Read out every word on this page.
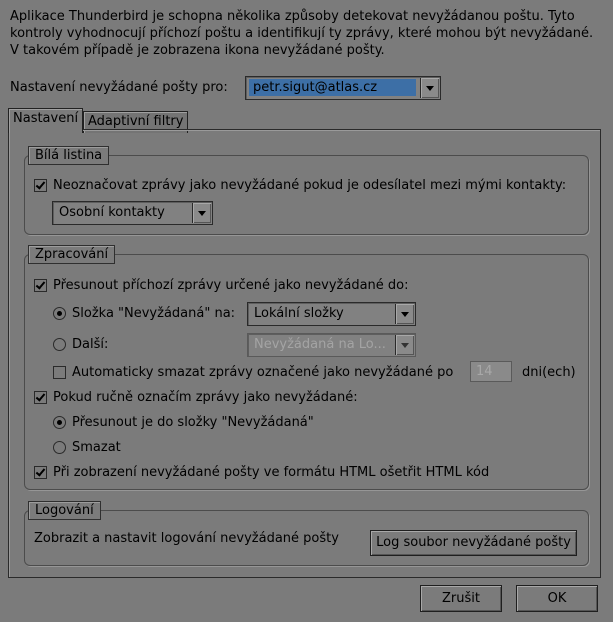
Aplikace Thunderbird je schopna několika způsoby detekovat nevyžádanou poštu. Tyto kontroly vyhodnocují příchozí poštu a identifikují ty zprávy, které mohou být nevyžádané. V takovém případě je zobrazena ikona nevyžádané pošty.
Nastavení nevyžádané pošty pro:	petr.sigut@atlas.cz
Nastavení Adaptivní filtry
Bílá listina
Neoznačovat zprávy jako nevyžádané pokud je odesílatel mezi mými kontakty:
Osobní kontakty
Zpracování
Přesunout příchozí zprávy určené jako nevyžádané do:
Složka "Nevyžádaná" na: Lokální složky
Další:	Nevyžádaná na Lo...
Automaticky smazat zprávy označené jako nevyžádané po	14	dni(ech)
Pokud ručně označím zprávy jako nevyžádané:
Přesunout je do složky "Nevyžádaná"
Smazat
Při zobrazení nevyžádané pošty ve formátu HTML ošetřit HTML kód
Logování
Zobrazit a nastavit logování nevyžádané pošty	Log soubor nevyžádané pošty
Zrušit	OK
